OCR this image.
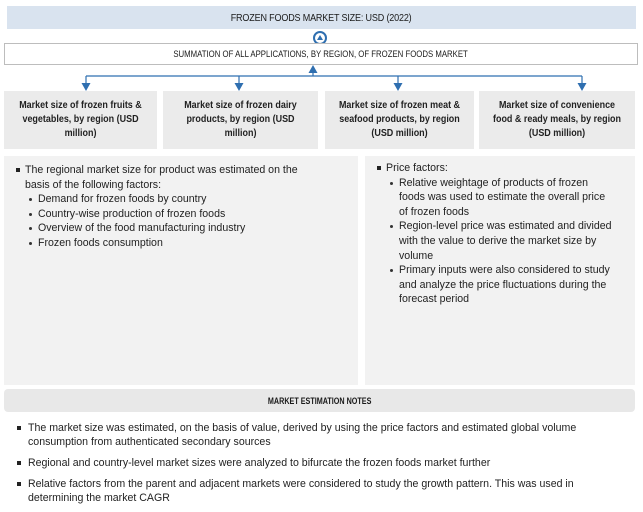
FROZEN FOODS MARKET SIZE: USD (2022)
SUMMATION OF ALL APPLICATIONS, BY REGION, OF FROZEN FOODS MARKET
Market size of frozen fruits & vegetables, by region (USD million)
Market size of frozen dairy products, by region (USD million)
Market size of frozen meat & seafood products, by region (USD million)
Market size of convenience food & ready meals, by region (USD million)
The regional market size for product was estimated on the basis of the following factors:
Demand for frozen foods by country
Country-wise production of frozen foods
Overview of the food manufacturing industry
Frozen foods consumption
Price factors:
Relative weightage of products of frozen foods was used to estimate the overall price of frozen foods
Region-level price was estimated and divided with the value to derive the market size by volume
Primary inputs were also considered to study and analyze the price fluctuations during the forecast period
MARKET ESTIMATION NOTES
The market size was estimated, on the basis of value, derived by using the price factors and estimated global volume consumption from authenticated secondary sources
Regional and country-level market sizes were analyzed to bifurcate the frozen foods market further
Relative factors from the parent and adjacent markets were considered to study the growth pattern. This was used in determining the market CAGR
